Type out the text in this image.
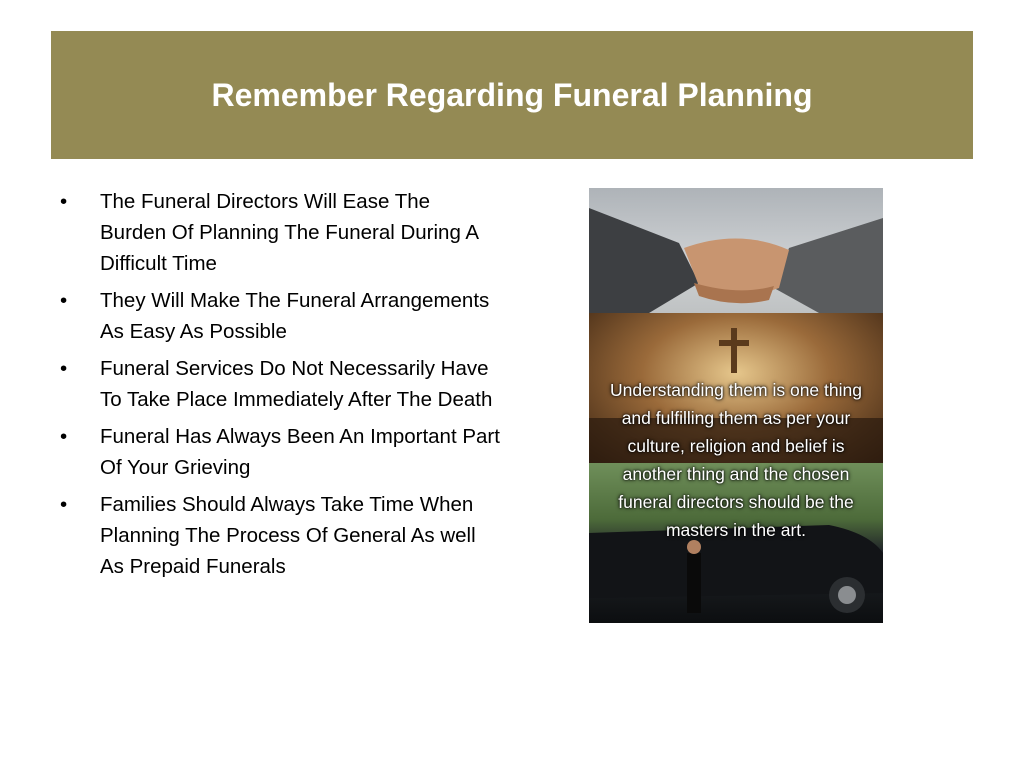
Remember Regarding Funeral Planning
•	The Funeral Directors Will Ease The Burden Of Planning The Funeral During A Difficult Time
•	They Will Make The Funeral Arrangements As Easy As Possible
•	Funeral Services Do Not Necessarily Have To Take Place Immediately After The Death
•	Funeral Has Always Been An Important Part Of Your Grieving
•	Families Should Always Take Time When Planning The Process Of General As well As Prepaid Funerals
Understanding them is one thing and fulfilling them as per your culture, religion and belief is another thing and the chosen funeral directors should be the masters in the art.
